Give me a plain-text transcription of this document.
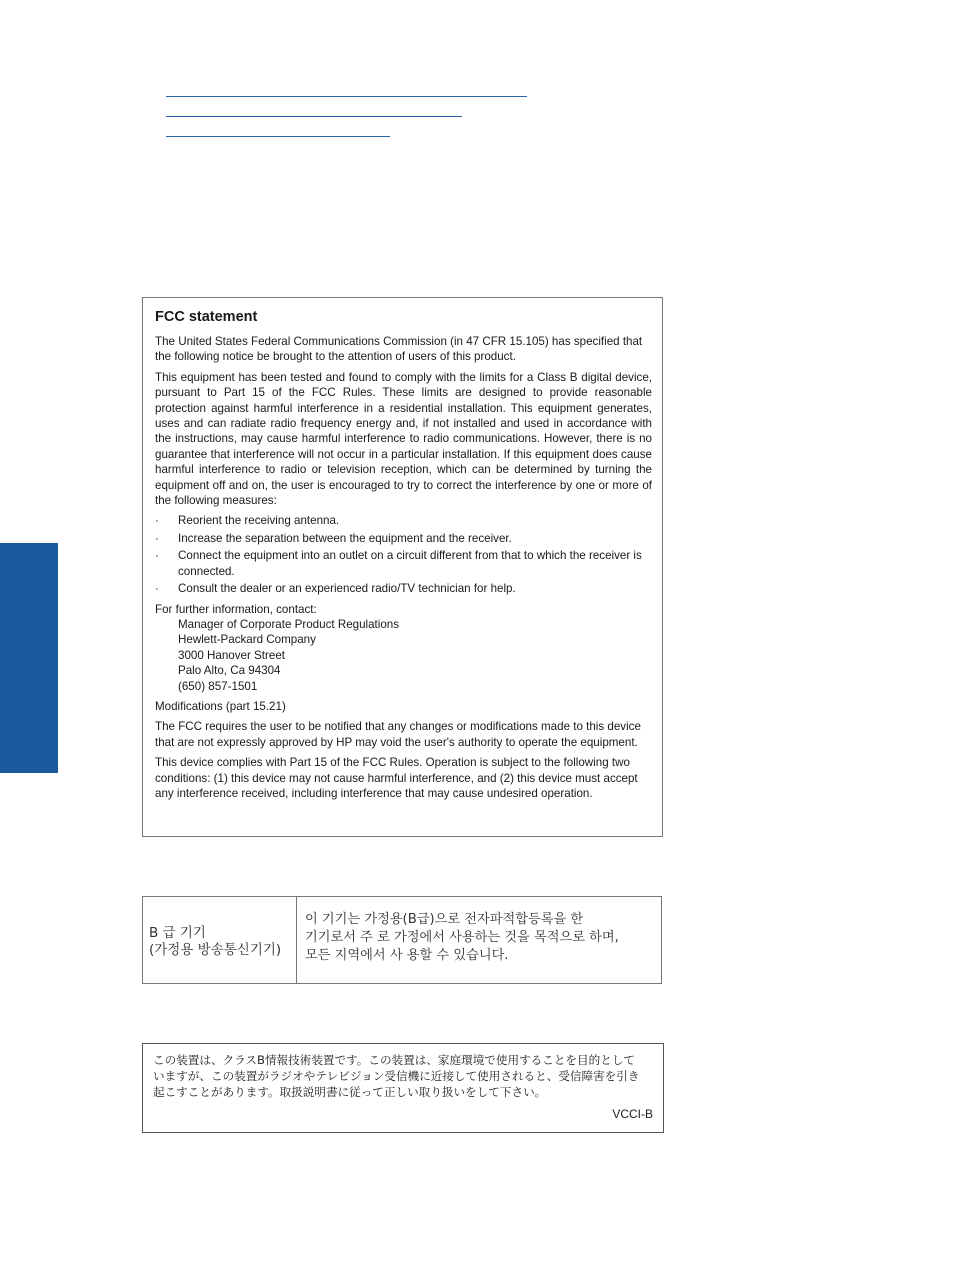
FCC statement

The United States Federal Communications Commission (in 47 CFR 15.105) has specified that the following notice be brought to the attention of users of this product.

This equipment has been tested and found to comply with the limits for a Class B digital device, pursuant to Part 15 of the FCC Rules. These limits are designed to provide reasonable protection against harmful interference in a residential installation. This equipment generates, uses and can radiate radio frequency energy and, if not installed and used in accordance with the instructions, may cause harmful interference to radio communications. However, there is no guarantee that interference will not occur in a particular installation. If this equipment does cause harmful interference to radio or television reception, which can be determined by turning the equipment off and on, the user is encouraged to try to correct the interference by one or more of the following measures:

· Reorient the receiving antenna.
· Increase the separation between the equipment and the receiver.
· Connect the equipment into an outlet on a circuit different from that to which the receiver is connected.
· Consult the dealer or an experienced radio/TV technician for help.

For further information, contact:

Manager of Corporate Product Regulations
Hewlett-Packard Company
3000 Hanover Street
Palo Alto, Ca 94304
(650) 857-1501

Modifications (part 15.21)

The FCC requires the user to be notified that any changes or modifications made to this device that are not expressly approved by HP may void the user's authority to operate the equipment.

This device complies with Part 15 of the FCC Rules. Operation is subject to the following two conditions: (1) this device may not cause harmful interference, and (2) this device must accept any interference received, including interference that may cause undesired operation.

B 급 기기
(가정용 방송통신기기)
이 기기는 가정용(B급)으로 전자파적합등록을 한
기기로서 주 로 가정에서 사용하는 것을 목적으로 하며,
모든 지역에서 사 용할 수 있습니다.
この装置は、クラスB情報技術装置です。この装置は、家庭環境で使用することを目的として
いますが、この装置がラジオやテレビジョン受信機に近接して使用されると、受信障害を引き
起こすことがあります。取扱説明書に従って正しい取り扱いをして下さい。
VCCI-B
